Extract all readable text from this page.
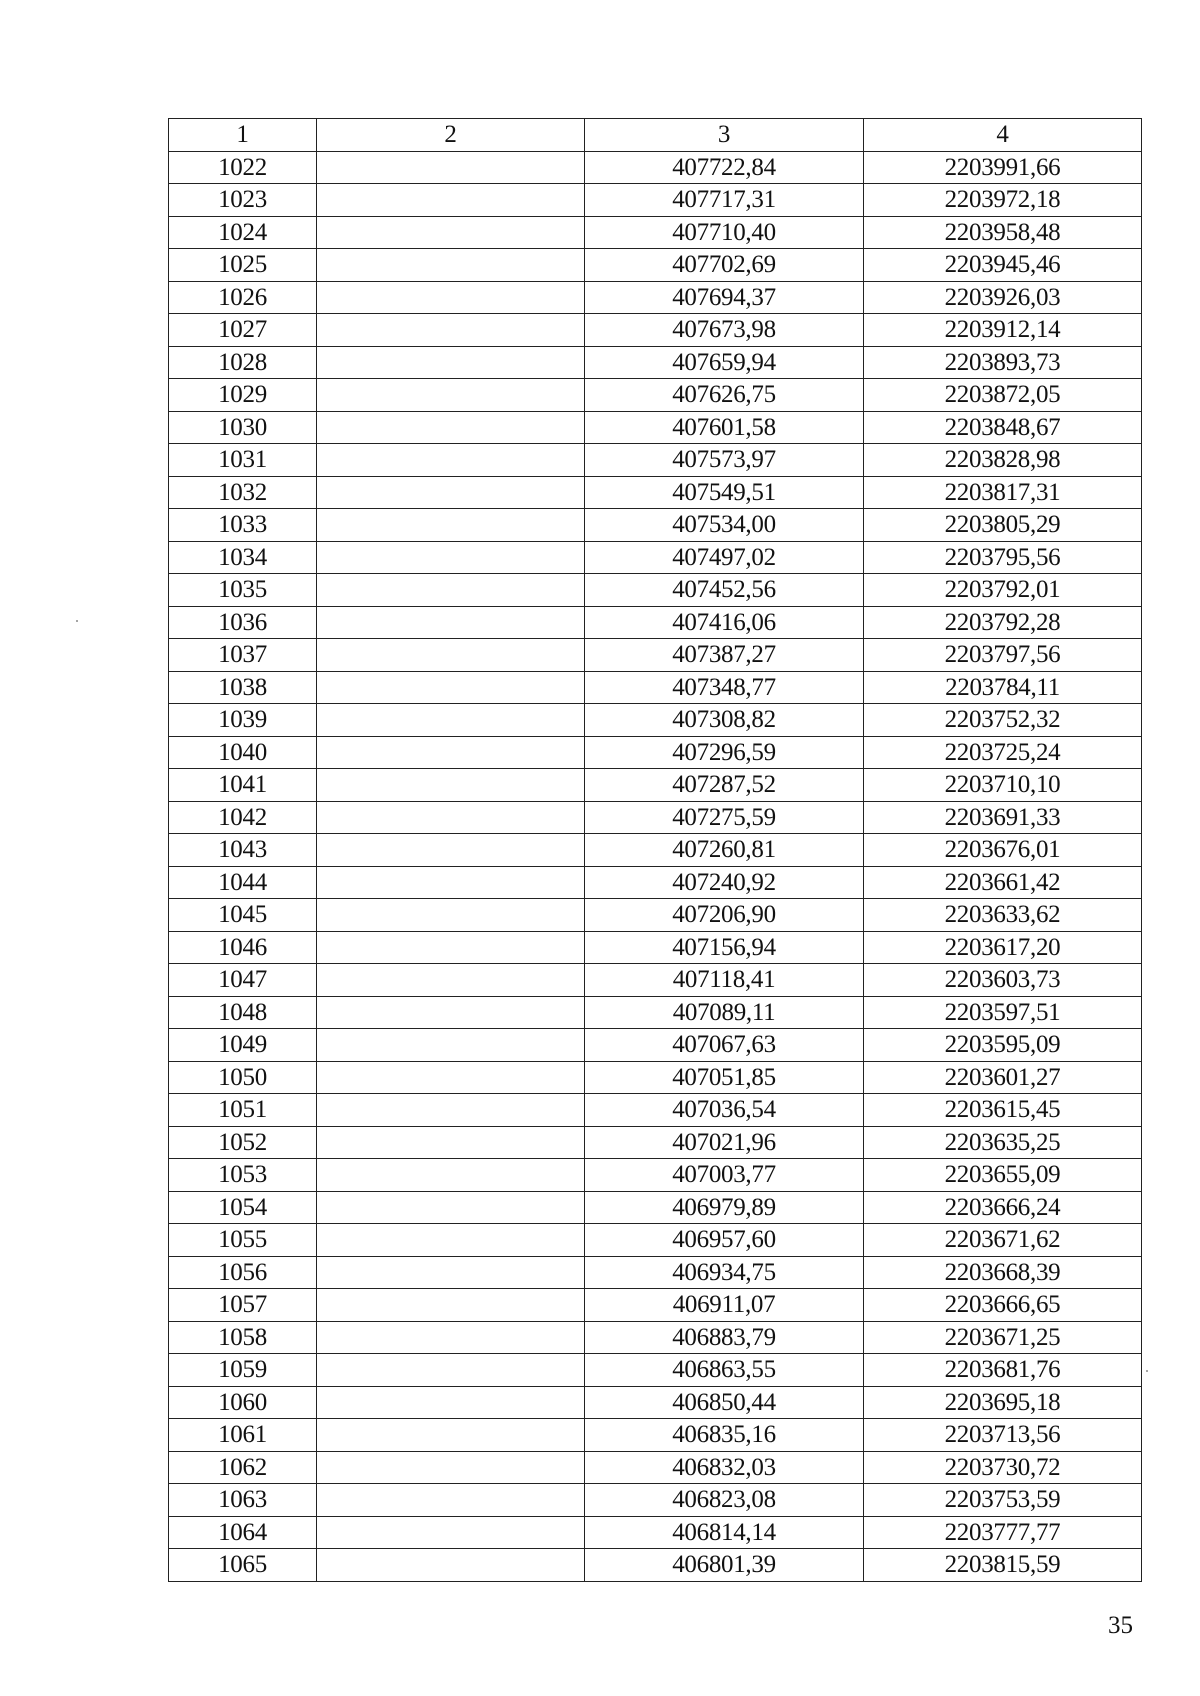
1	2	3	4
1022		407722,84	2203991,66
1023		407717,31	2203972,18
1024		407710,40	2203958,48
1025		407702,69	2203945,46
1026		407694,37	2203926,03
1027		407673,98	2203912,14
1028		407659,94	2203893,73
1029		407626,75	2203872,05
1030		407601,58	2203848,67
1031		407573,97	2203828,98
1032		407549,51	2203817,31
1033		407534,00	2203805,29
1034		407497,02	2203795,56
1035		407452,56	2203792,01
1036		407416,06	2203792,28
1037		407387,27	2203797,56
1038		407348,77	2203784,11
1039		407308,82	2203752,32
1040		407296,59	2203725,24
1041		407287,52	2203710,10
1042		407275,59	2203691,33
1043		407260,81	2203676,01
1044		407240,92	2203661,42
1045		407206,90	2203633,62
1046		407156,94	2203617,20
1047		407118,41	2203603,73
1048		407089,11	2203597,51
1049		407067,63	2203595,09
1050		407051,85	2203601,27
1051		407036,54	2203615,45
1052		407021,96	2203635,25
1053		407003,77	2203655,09
1054		406979,89	2203666,24
1055		406957,60	2203671,62
1056		406934,75	2203668,39
1057		406911,07	2203666,65
1058		406883,79	2203671,25
1059		406863,55	2203681,76
1060		406850,44	2203695,18
1061		406835,16	2203713,56
1062		406832,03	2203730,72
1063		406823,08	2203753,59
1064		406814,14	2203777,77
1065		406801,39	2203815,59
35
